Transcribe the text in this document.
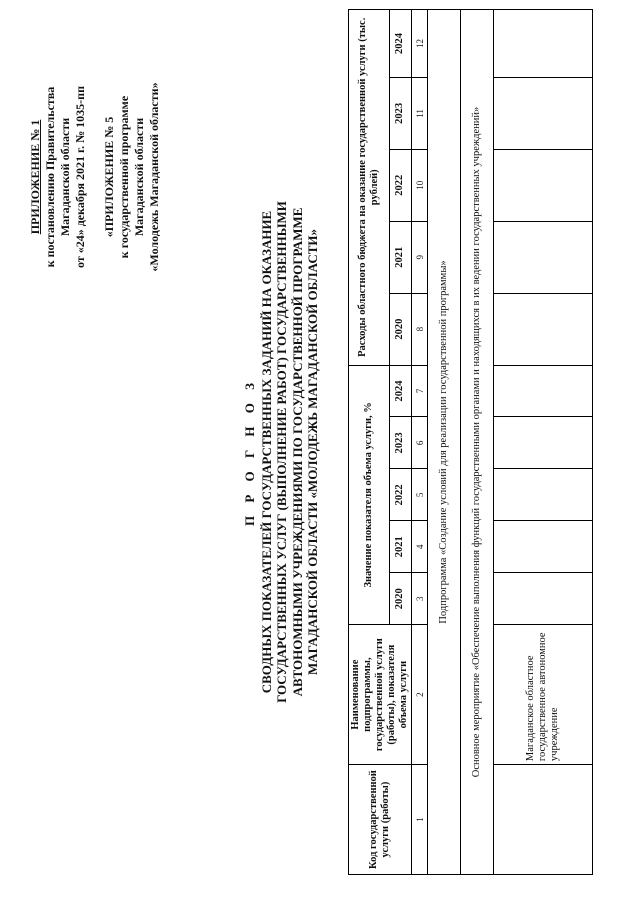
ПРИЛОЖЕНИЕ № 1 к постановлению Правительства Магаданской области от «24» декабря 2021 г. № 1035-пп «ПРИЛОЖЕНИЕ № 5 к государственной программе Магаданской области «Молодежь Магаданской области»
П Р О Г Н О З СВОДНЫХ ПОКАЗАТЕЛЕЙ ГОСУДАРСТВЕННЫХ ЗАДАНИЙ НА ОКАЗАНИЕ ГОСУДАРСТВЕННЫХ УСЛУГ (ВЫПОЛНЕНИЕ РАБОТ) ГОСУДАРСТВЕННЫМИ АВТОНОМНЫМИ УЧРЕЖДЕНИЯМИ ПО ГОСУДАРСТВЕННОЙ ПРОГРАММЕ МАГАДАНСКОЙ ОБЛАСТИ «МОЛОДЕЖЬ МАГАДАНСКОЙ ОБЛАСТИ»
Код государственной услуги (работы)	Наименование подпрограммы, государственной услуги (работы), показателя объема услуги	Значение показателя объема услуги, %					Расходы областного бюджета на оказание государственной услуги (тыс. рублей)				
		2020	2021	2022	2023	2024	2020	2021	2022	2023	2024
1	2	3	4	5	6	7	8	9	10	11	12
Подпрограмма «Создание условий для реализации государственной программы»											
Основное мероприятие «Обеспечение выполнения функций государственными органами и находящихся в их ведении государственных учреждений»											
	Магаданское областное государственное автономное учреждение										
